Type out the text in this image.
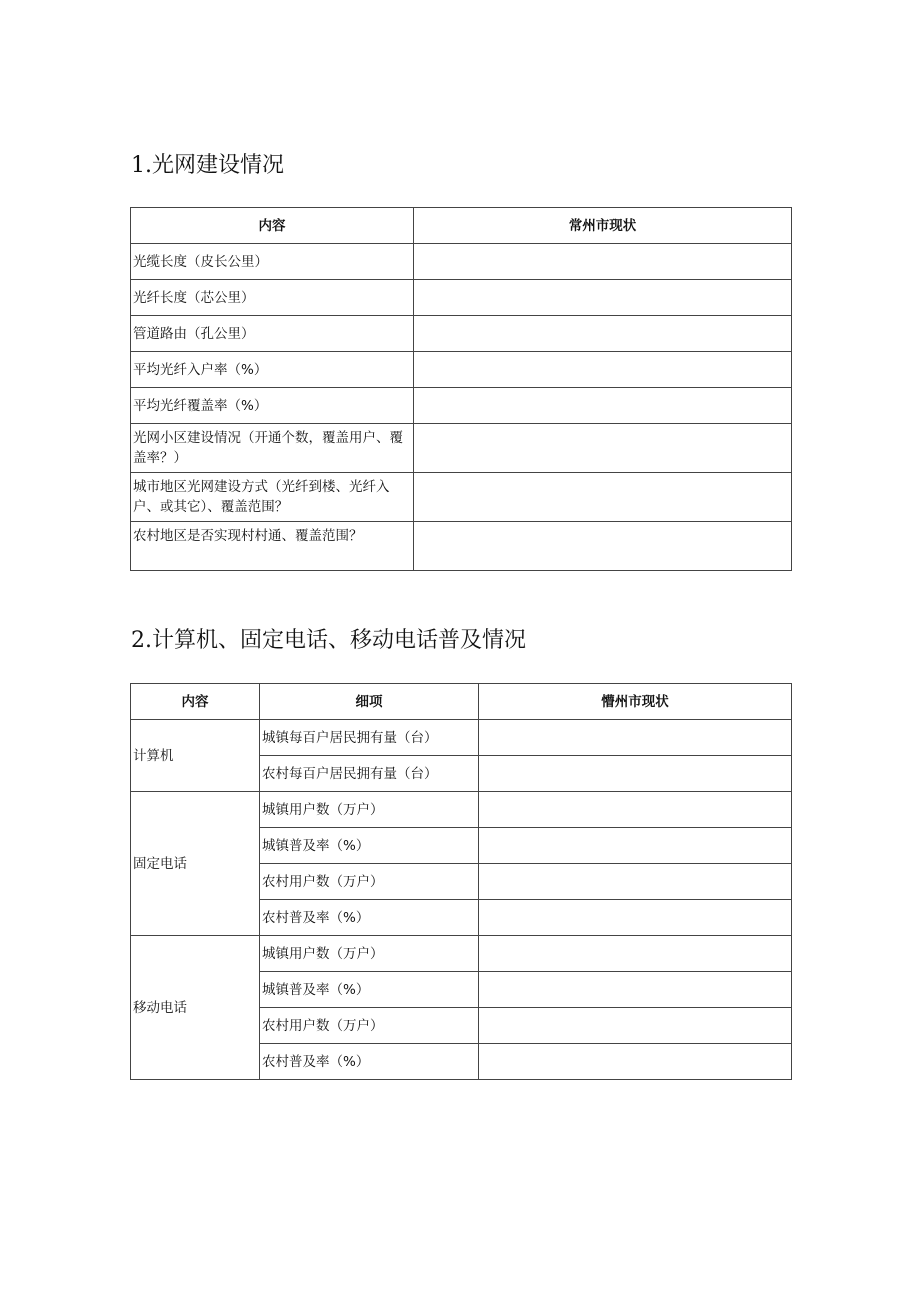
1.光网建设情况
内容	常州市现状
光缆长度（皮长公里）	
光纤长度（芯公里）	
管道路由（孔公里）	
平均光纤入户率（%）	
平均光纤覆盖率（%）	
光网小区建设情况（开通个数，覆盖用户、覆盖率？）	
城市地区光网建设方式（光纤到楼、光纤入户、或其它）、覆盖范围？	
农村地区是否实现村村通、覆盖范围？	
2.计算机、固定电话、移动电话普及情况
内容	细项	懵州市现状
计算机	城镇每百户居民拥有量（台）	
	农村每百户居民拥有量（台）	
固定电话	城镇用户数（万户）	
	城镇普及率（%）	
	农村用户数（万户）	
	农村普及率（%）	
移动电话	城镇用户数（万户）	
	城镇普及率（%）	
	农村用户数（万户）	
	农村普及率（%）	
